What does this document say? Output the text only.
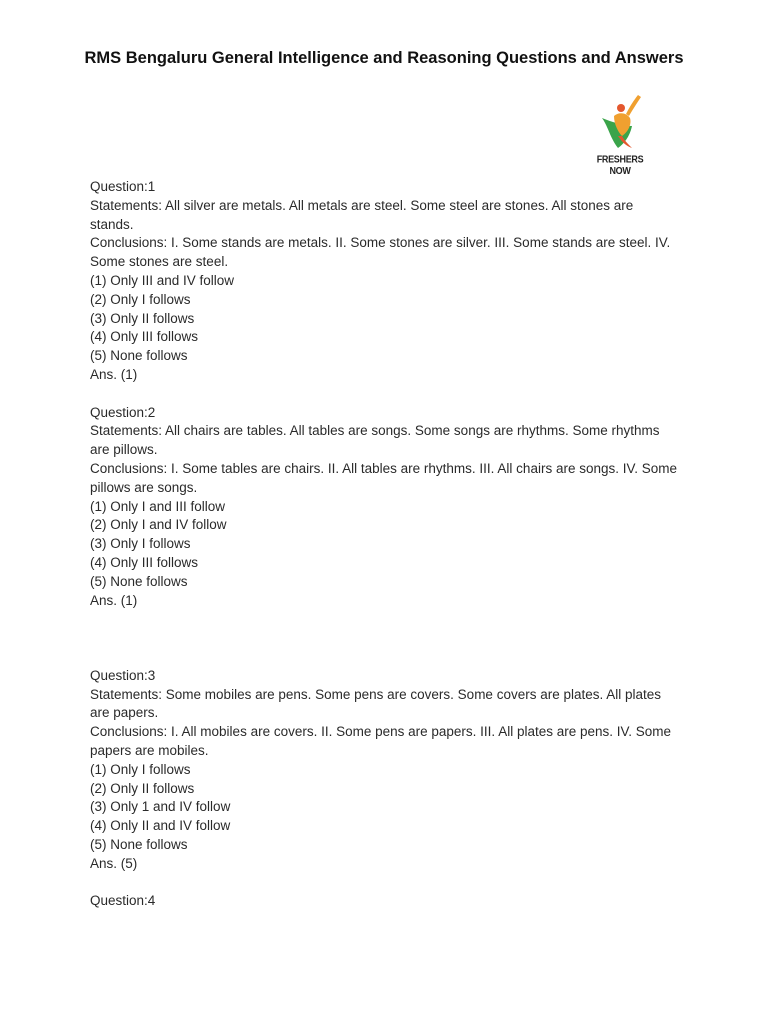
RMS Bengaluru General Intelligence and Reasoning Questions and Answers
FRESHERS NOW
Question:1
Statements: All silver are metals. All metals are steel. Some steel are stones. All stones are stands.
Conclusions: I. Some stands are metals. II. Some stones are silver. III. Some stands are steel. IV. Some stones are steel.
(1) Only III and IV follow
(2) Only I follows
(3) Only II follows
(4) Only III follows
(5) None follows
Ans. (1)
Question:2
Statements: All chairs are tables. All tables are songs. Some songs are rhythms. Some rhythms are pillows.
Conclusions: I. Some tables are chairs. II. All tables are rhythms. III. All chairs are songs. IV. Some pillows are songs.
(1) Only I and III follow
(2) Only I and IV follow
(3) Only I follows
(4) Only III follows
(5) None follows
Ans. (1)
Question:3
Statements: Some mobiles are pens. Some pens are covers. Some covers are plates. All plates are papers.
Conclusions: I. All mobiles are covers. II. Some pens are papers. III. All plates are pens. IV. Some papers are mobiles.
(1) Only I follows
(2) Only II follows
(3) Only 1 and IV follow
(4) Only II and IV follow
(5) None follows
Ans. (5)
Question:4
